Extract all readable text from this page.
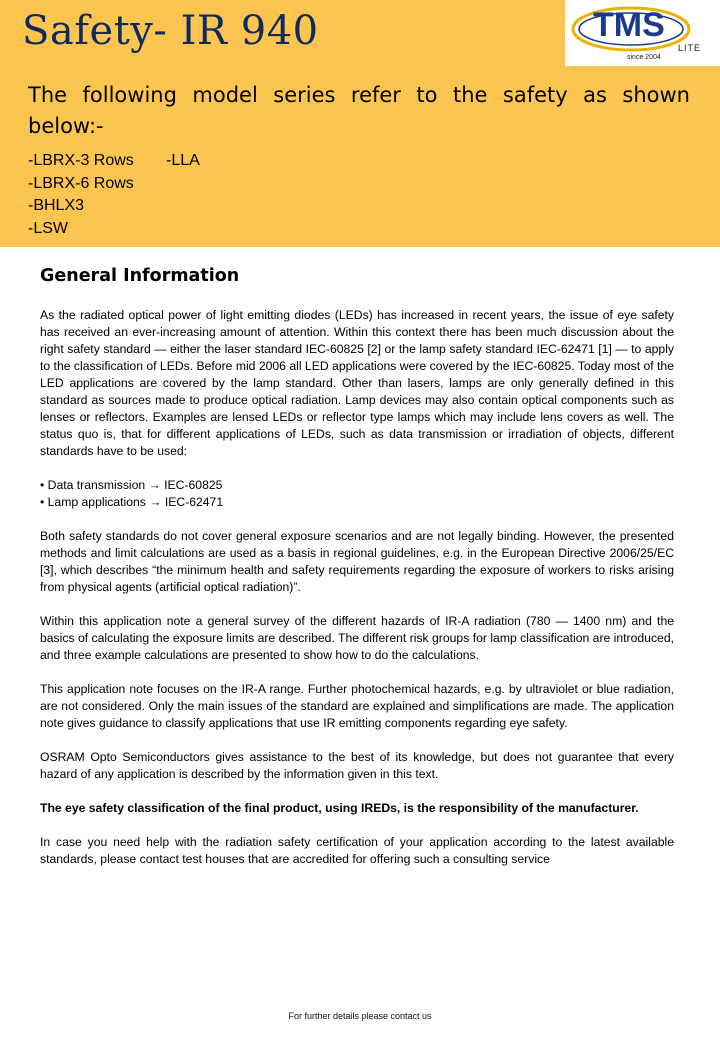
Safety- IR 940	TMS
LITE
since 2004

The following model series refer to the safety as shown below:-

-LBRX-3 Rows -LLA
-LBRX-6 Rows
-BHLX3
-LSW
General Information

As the radiated optical power of light emitting diodes (LEDs) has increased in recent years, the issue of eye safety has received an ever-increasing amount of attention. Within this context there has been much discussion about the right safety standard — either the laser standard IEC-60825 [2] or the lamp safety standard IEC-62471 [1] — to apply to the classification of LEDs. Before mid 2006 all LED applications were covered by the IEC-60825. Today most of the LED applications are covered by the lamp standard. Other than lasers, lamps are only generally defined in this standard as sources made to produce optical radiation. Lamp devices may also contain optical components such as lenses or reflectors. Examples are lensed LEDs or reflector type lamps which may include lens covers as well. The status quo is, that for different applications of LEDs, such as data transmission or irradiation of objects, different standards have to be used:

• Data transmission → IEC-60825
• Lamp applications → IEC-62471

Both safety standards do not cover general exposure scenarios and are not legally binding. However, the presented methods and limit calculations are used as a basis in regional guidelines, e.g. in the European Directive 2006/25/EC [3], which describes “the minimum health and safety requirements regarding the exposure of workers to risks arising from physical agents (artificial optical radiation)”.

Within this application note a general survey of the different hazards of IR-A radiation (780 — 1400 nm) and the basics of calculating the exposure limits are described. The different risk groups for lamp classification are introduced, and three example calculations are presented to show how to do the calculations.

This application note focuses on the IR-A range. Further photochemical hazards, e.g. by ultraviolet or blue radiation, are not considered. Only the main issues of the standard are explained and simplifications are made. The application note gives guidance to classify applications that use IR emitting components regarding eye safety.

OSRAM Opto Semiconductors gives assistance to the best of its knowledge, but does not guarantee that every hazard of any application is described by the information given in this text.

The eye safety classification of the final product, using IREDs, is the responsibility of the manufacturer.

In case you need help with the radiation safety certification of your application according to the latest available standards, please contact test houses that are accredited for offering such a consulting service

For further details please contact us
